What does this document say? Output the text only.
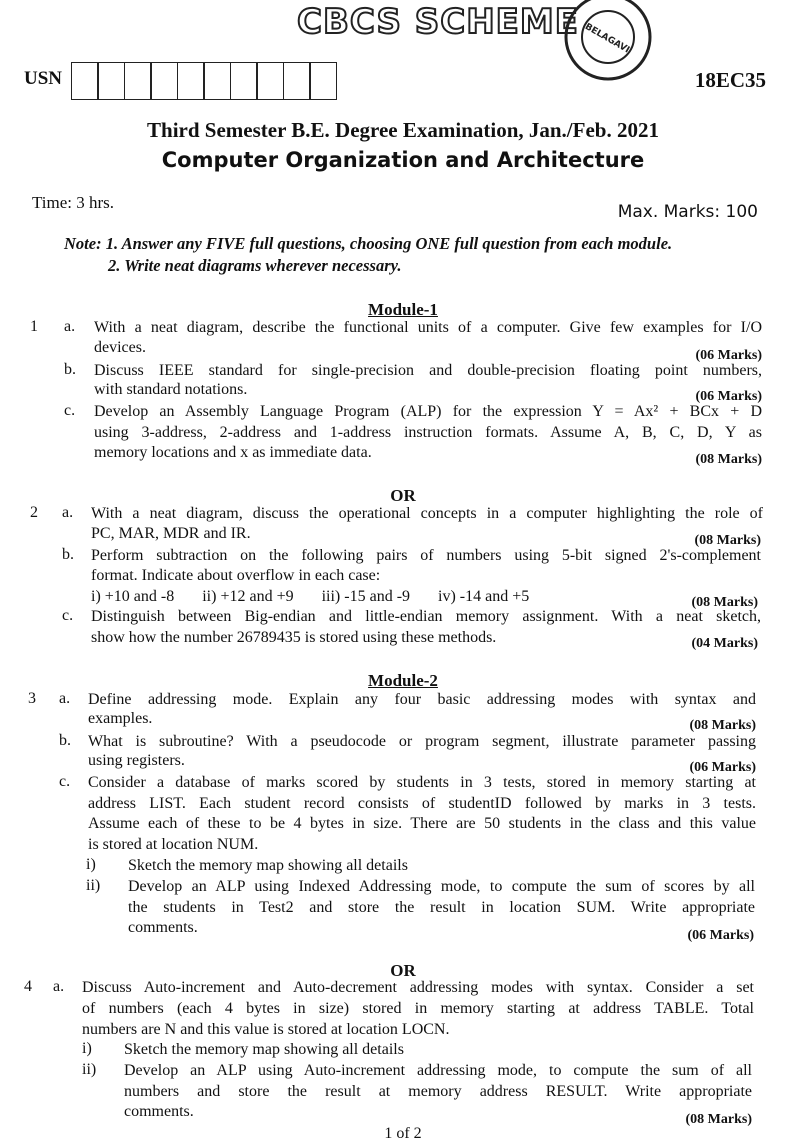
CBCS SCHEME BELAGAVI
USN	18EC35
Third Semester B.E. Degree Examination, Jan./Feb. 2021
Computer Organization and Architecture
Time: 3 hrs.	Max. Marks: 100
Note: 1. Answer any FIVE full questions, choosing ONE full question from each module.
2. Write neat diagrams wherever necessary.
Module-1
1 a. With a neat diagram, describe the functional units of a computer. Give few examples for I/O
devices.	(06 Marks)
b. Discuss IEEE standard for single-precision and double-precision floating point numbers,
with standard notations.	(06 Marks)
c. Develop an Assembly Language Program (ALP) for the expression Y = Ax² + BCx + D
using 3-address, 2-address and 1-address instruction formats. Assume A, B, C, D, Y as
memory locations and x as immediate data.	(08 Marks)
OR
2 a. With a neat diagram, discuss the operational concepts in a computer highlighting the role of
PC, MAR, MDR and IR.	(08 Marks)
b. Perform subtraction on the following pairs of numbers using 5-bit signed 2's-complement
format. Indicate about overflow in each case:
i) +10 and -8       ii) +12 and +9       iii) -15 and -9       iv) -14 and +5	(08 Marks)
c. Distinguish between Big-endian and little-endian memory assignment. With a neat sketch,
show how the number 26789435 is stored using these methods.	(04 Marks)
Module-2
3 a. Define addressing mode. Explain any four basic addressing modes with syntax and
examples.	(08 Marks)
b. What is subroutine? With a pseudocode or program segment, illustrate parameter passing
using registers.	(06 Marks)
c. Consider a database of marks scored by students in 3 tests, stored in memory starting at
address LIST. Each student record consists of studentID followed by marks in 3 tests.
Assume each of these to be 4 bytes in size. There are 50 students in the class and this value
is stored at location NUM.
i) Sketch the memory map showing all details
ii) Develop an ALP using Indexed Addressing mode, to compute the sum of scores by all
the students in Test2 and store the result in location SUM. Write appropriate
comments.	(06 Marks)
OR
4 a. Discuss Auto-increment and Auto-decrement addressing modes with syntax. Consider a set
of numbers (each 4 bytes in size) stored in memory starting at address TABLE. Total
numbers are N and this value is stored at location LOCN.
i) Sketch the memory map showing all details
ii) Develop an ALP using Auto-increment addressing mode, to compute the sum of all
numbers and store the result at memory address RESULT. Write appropriate
comments.	(08 Marks)
1 of 2
